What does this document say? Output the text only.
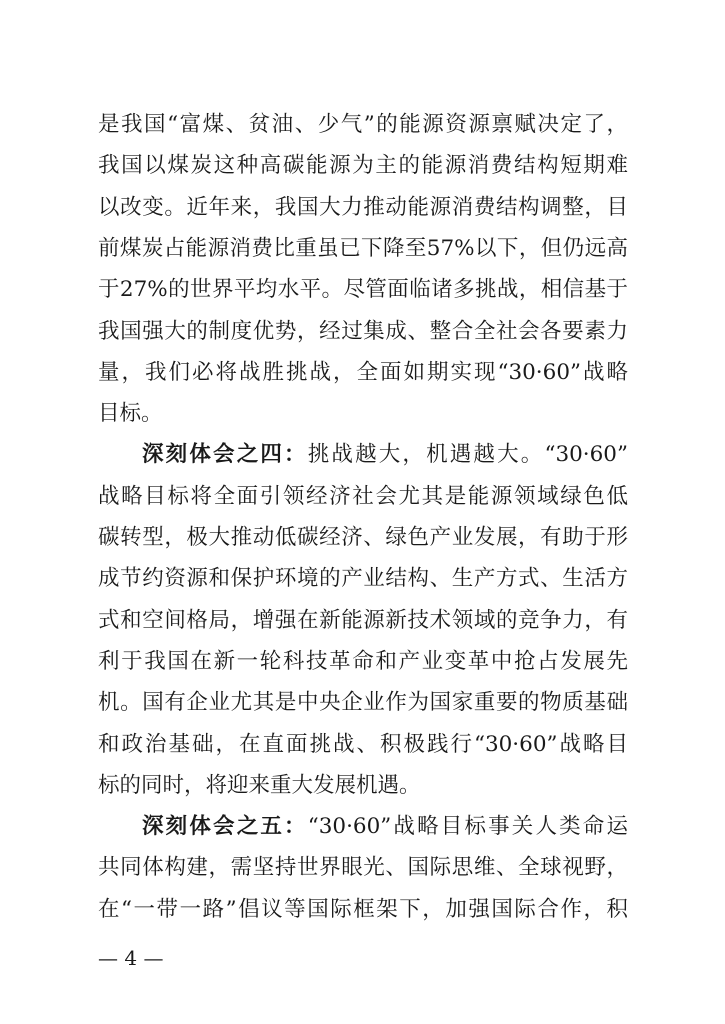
是我国“富煤、贫油、少气”的能源资源禀赋决定了，
我国以煤炭这种高碳能源为主的能源消费结构短期难
以改变。近年来，我国大力推动能源消费结构调整，目
前煤炭占能源消费比重虽已下降至57%以下，但仍远高
于27%的世界平均水平。尽管面临诸多挑战，相信基于
我国强大的制度优势，经过集成、整合全社会各要素力
量，我们必将战胜挑战，全面如期实现“30·60”战略
目标。
深刻体会之四：挑战越大，机遇越大。“30·60”
战略目标将全面引领经济社会尤其是能源领域绿色低
碳转型，极大推动低碳经济、绿色产业发展，有助于形
成节约资源和保护环境的产业结构、生产方式、生活方
式和空间格局，增强在新能源新技术领域的竞争力，有
利于我国在新一轮科技革命和产业变革中抢占发展先
机。国有企业尤其是中央企业作为国家重要的物质基础
和政治基础，在直面挑战、积极践行“30·60”战略目
标的同时，将迎来重大发展机遇。
深刻体会之五：“30·60”战略目标事关人类命运
共同体构建，需坚持世界眼光、国际思维、全球视野，
在“一带一路”倡议等国际框架下，加强国际合作，积
— 4 —
